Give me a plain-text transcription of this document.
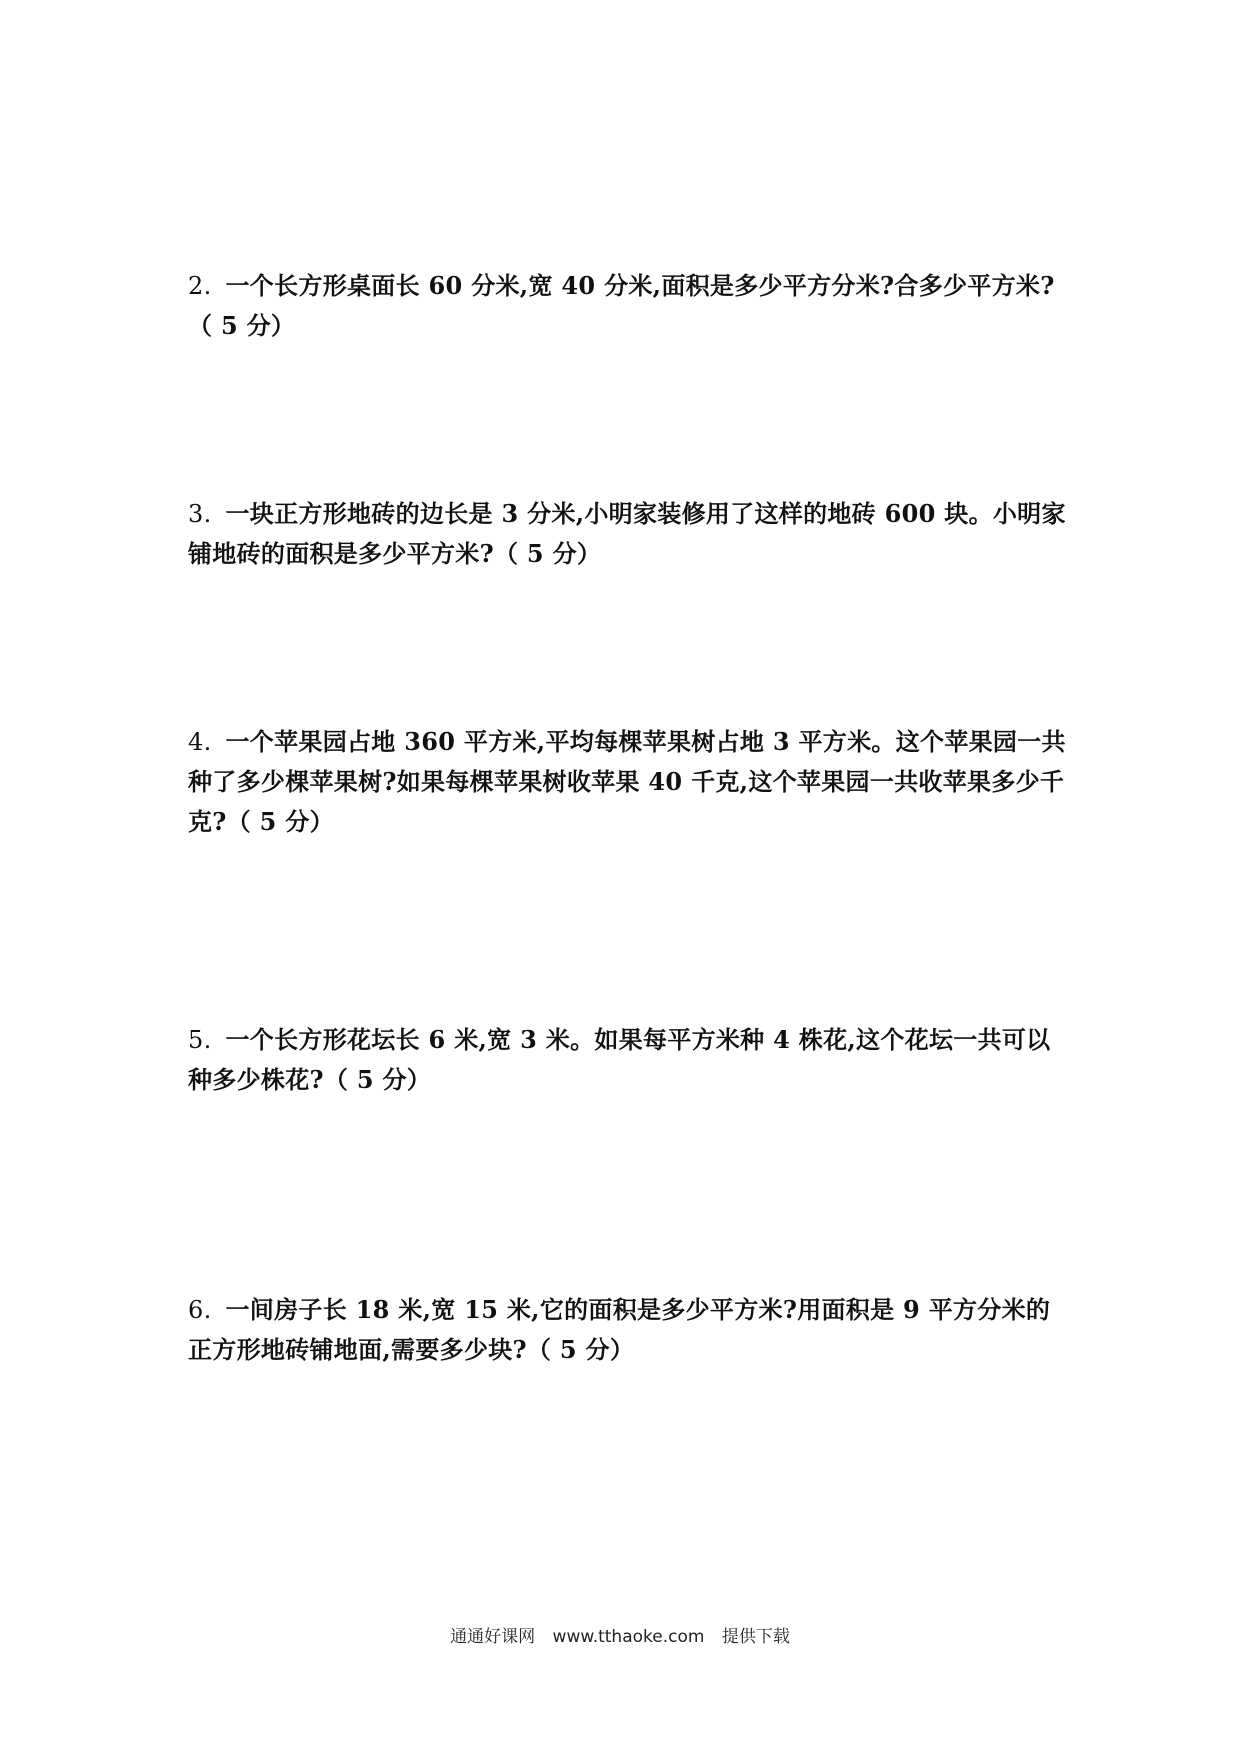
2. 一个长方形桌面长 60 分米,宽 40 分米,面积是多少平方分米?合多少平方米?（ 5 分）
3. 一块正方形地砖的边长是 3 分米,小明家装修用了这样的地砖 600 块。小明家铺地砖的面积是多少平方米?（ 5 分）
4. 一个苹果园占地 360 平方米,平均每棵苹果树占地 3 平方米。这个苹果园一共种了多少棵苹果树?如果每棵苹果树收苹果 40 千克,这个苹果园一共收苹果多少千克?（ 5 分）
5. 一个长方形花坛长 6 米,宽 3 米。如果每平方米种 4 株花,这个花坛一共可以种多少株花?（ 5 分）
6. 一间房子长 18 米,宽 15 米,它的面积是多少平方米?用面积是 9 平方分米的正方形地砖铺地面,需要多少块?（ 5 分）
通通好课网 www.tthaoke.com 提供下载
